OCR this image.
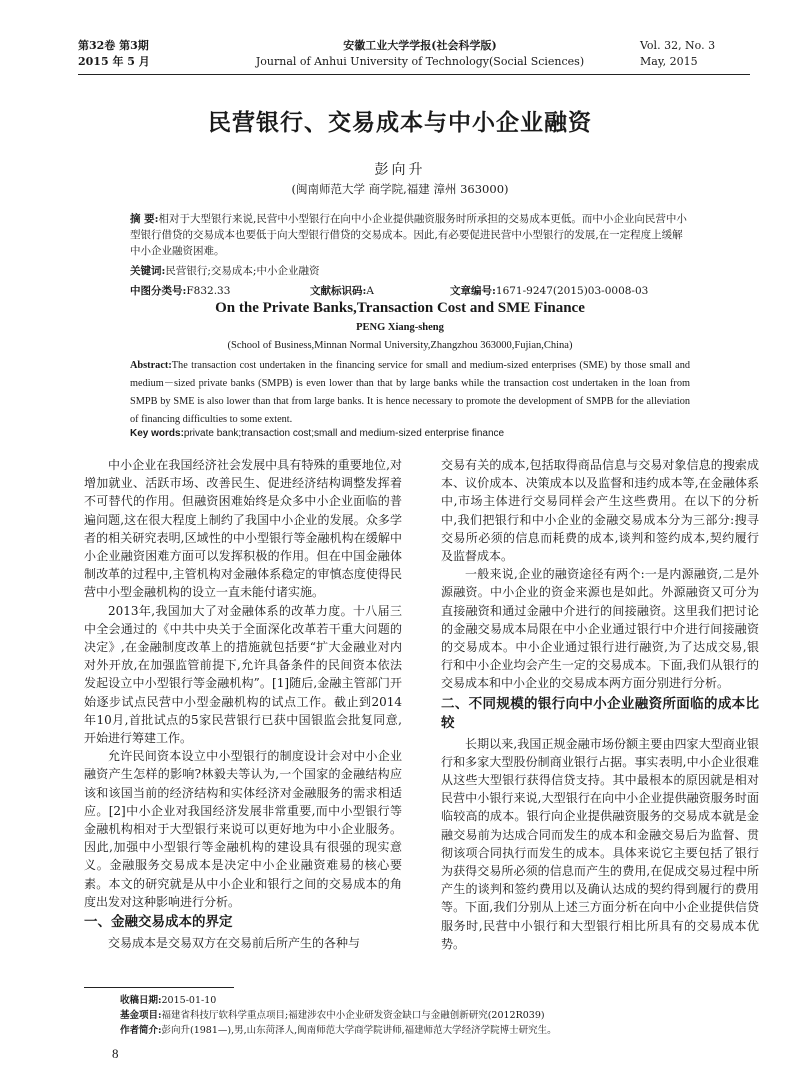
第32卷 第3期
2015 年 5 月
安徽工业大学学报(社会科学版)
Journal of Anhui University of Technology(Social Sciences)
Vol. 32, No. 3
May, 2015
民营银行、交易成本与中小企业融资
彭向升
(闽南师范大学 商学院,福建 漳州 363000)
摘 要:相对于大型银行来说,民营中小型银行在向中小企业提供融资服务时所承担的交易成本更低。而中小企业向民营中小型银行借贷的交易成本也要低于向大型银行借贷的交易成本。因此,有必要促进民营中小型银行的发展,在一定程度上缓解中小企业融资困难。
关键词:民营银行;交易成本;中小企业融资
中图分类号:F832.33	文献标识码:A	文章编号:1671-9247(2015)03-0008-03
On the Private Banks,Transaction Cost and SME Finance
PENG Xiang-sheng
(School of Business,Minnan Normal University,Zhangzhou 363000,Fujian,China)
Abstract:The transaction cost undertaken in the financing service for small and medium-sized enterprises (SME) by those small and medium－sized private banks (SMPB) is even lower than that by large banks while the transaction cost undertaken in the loan from SMPB by SME is also lower than that from large banks. It is hence necessary to promote the development of SMPB for the alleviation of financing difficulties to some extent.
Key words:private bank;transaction cost;small and medium-sized enterprise finance

中小企业在我国经济社会发展中具有特殊的重要地位,对增加就业、活跃市场、改善民生、促进经济结构调整发挥着不可替代的作用。但融资困难始终是众多中小企业面临的普遍问题,这在很大程度上制约了我国中小企业的发展。众多学者的相关研究表明,区域性的中小型银行等金融机构在缓解中小企业融资困难方面可以发挥积极的作用。但在中国金融体制改革的过程中,主管机构对金融体系稳定的审慎态度使得民营中小型金融机构的设立一直未能付诸实施。

2013年,我国加大了对金融体系的改革力度。十八届三中全会通过的《中共中央关于全面深化改革若干重大问题的决定》,在金融制度改革上的措施就包括要“扩大金融业对内对外开放,在加强监管前提下,允许具备条件的民间资本依法发起设立中小型银行等金融机构”。[1]随后,金融主管部门开始逐步试点民营中小型金融机构的试点工作。截止到2014年10月,首批试点的5家民营银行已获中国银监会批复同意,开始进行筹建工作。

允许民间资本设立中小型银行的制度设计会对中小企业融资产生怎样的影响?林毅夫等认为,一个国家的金融结构应该和该国当前的经济结构和实体经济对金融服务的需求相适应。[2]中小企业对我国经济发展非常重要,而中小型银行等金融机构相对于大型银行来说可以更好地为中小企业服务。因此,加强中小型银行等金融机构的建设具有很强的现实意义。金融服务交易成本是决定中小企业融资难易的核心要素。本文的研究就是从中小企业和银行之间的交易成本的角度出发对这种影响进行分析。

一、金融交易成本的界定

交易成本是交易双方在交易前后所产生的各种与

交易有关的成本,包括取得商品信息与交易对象信息的搜索成本、议价成本、决策成本以及监督和违约成本等,在金融体系中,市场主体进行交易同样会产生这些费用。在以下的分析中,我们把银行和中小企业的金融交易成本分为三部分:搜寻交易所必须的信息而耗费的成本,谈判和签约成本,契约履行及监督成本。

一般来说,企业的融资途径有两个:一是内源融资,二是外源融资。中小企业的资金来源也是如此。外源融资又可分为直接融资和通过金融中介进行的间接融资。这里我们把讨论的金融交易成本局限在中小企业通过银行中介进行间接融资的交易成本。中小企业通过银行进行融资,为了达成交易,银行和中小企业均会产生一定的交易成本。下面,我们从银行的交易成本和中小企业的交易成本两方面分别进行分析。

二、不同规模的银行向中小企业融资所面临的成本比较

长期以来,我国正规金融市场份额主要由四家大型商业银行和多家大型股份制商业银行占据。事实表明,中小企业很难从这些大型银行获得信贷支持。其中最根本的原因就是相对民营中小银行来说,大型银行在向中小企业提供融资服务时面临较高的成本。银行向企业提供融资服务的交易成本就是金融交易前为达成合同而发生的成本和金融交易后为监督、贯彻该项合同执行而发生的成本。具体来说它主要包括了银行为获得交易所必须的信息而产生的费用,在促成交易过程中所产生的谈判和签约费用以及确认达成的契约得到履行的费用等。下面,我们分别从上述三方面分析在向中小企业提供信贷服务时,民营中小银行和大型银行相比所具有的交易成本优势。

收稿日期:2015-01-10
基金项目:福建省科技厅软科学重点项目;福建涉农中小企业研发资金缺口与金融创新研究(2012R039)
作者简介:彭向升(1981—),男,山东菏泽人,闽南师范大学商学院讲师,福建师范大学经济学院博士研究生。
8
